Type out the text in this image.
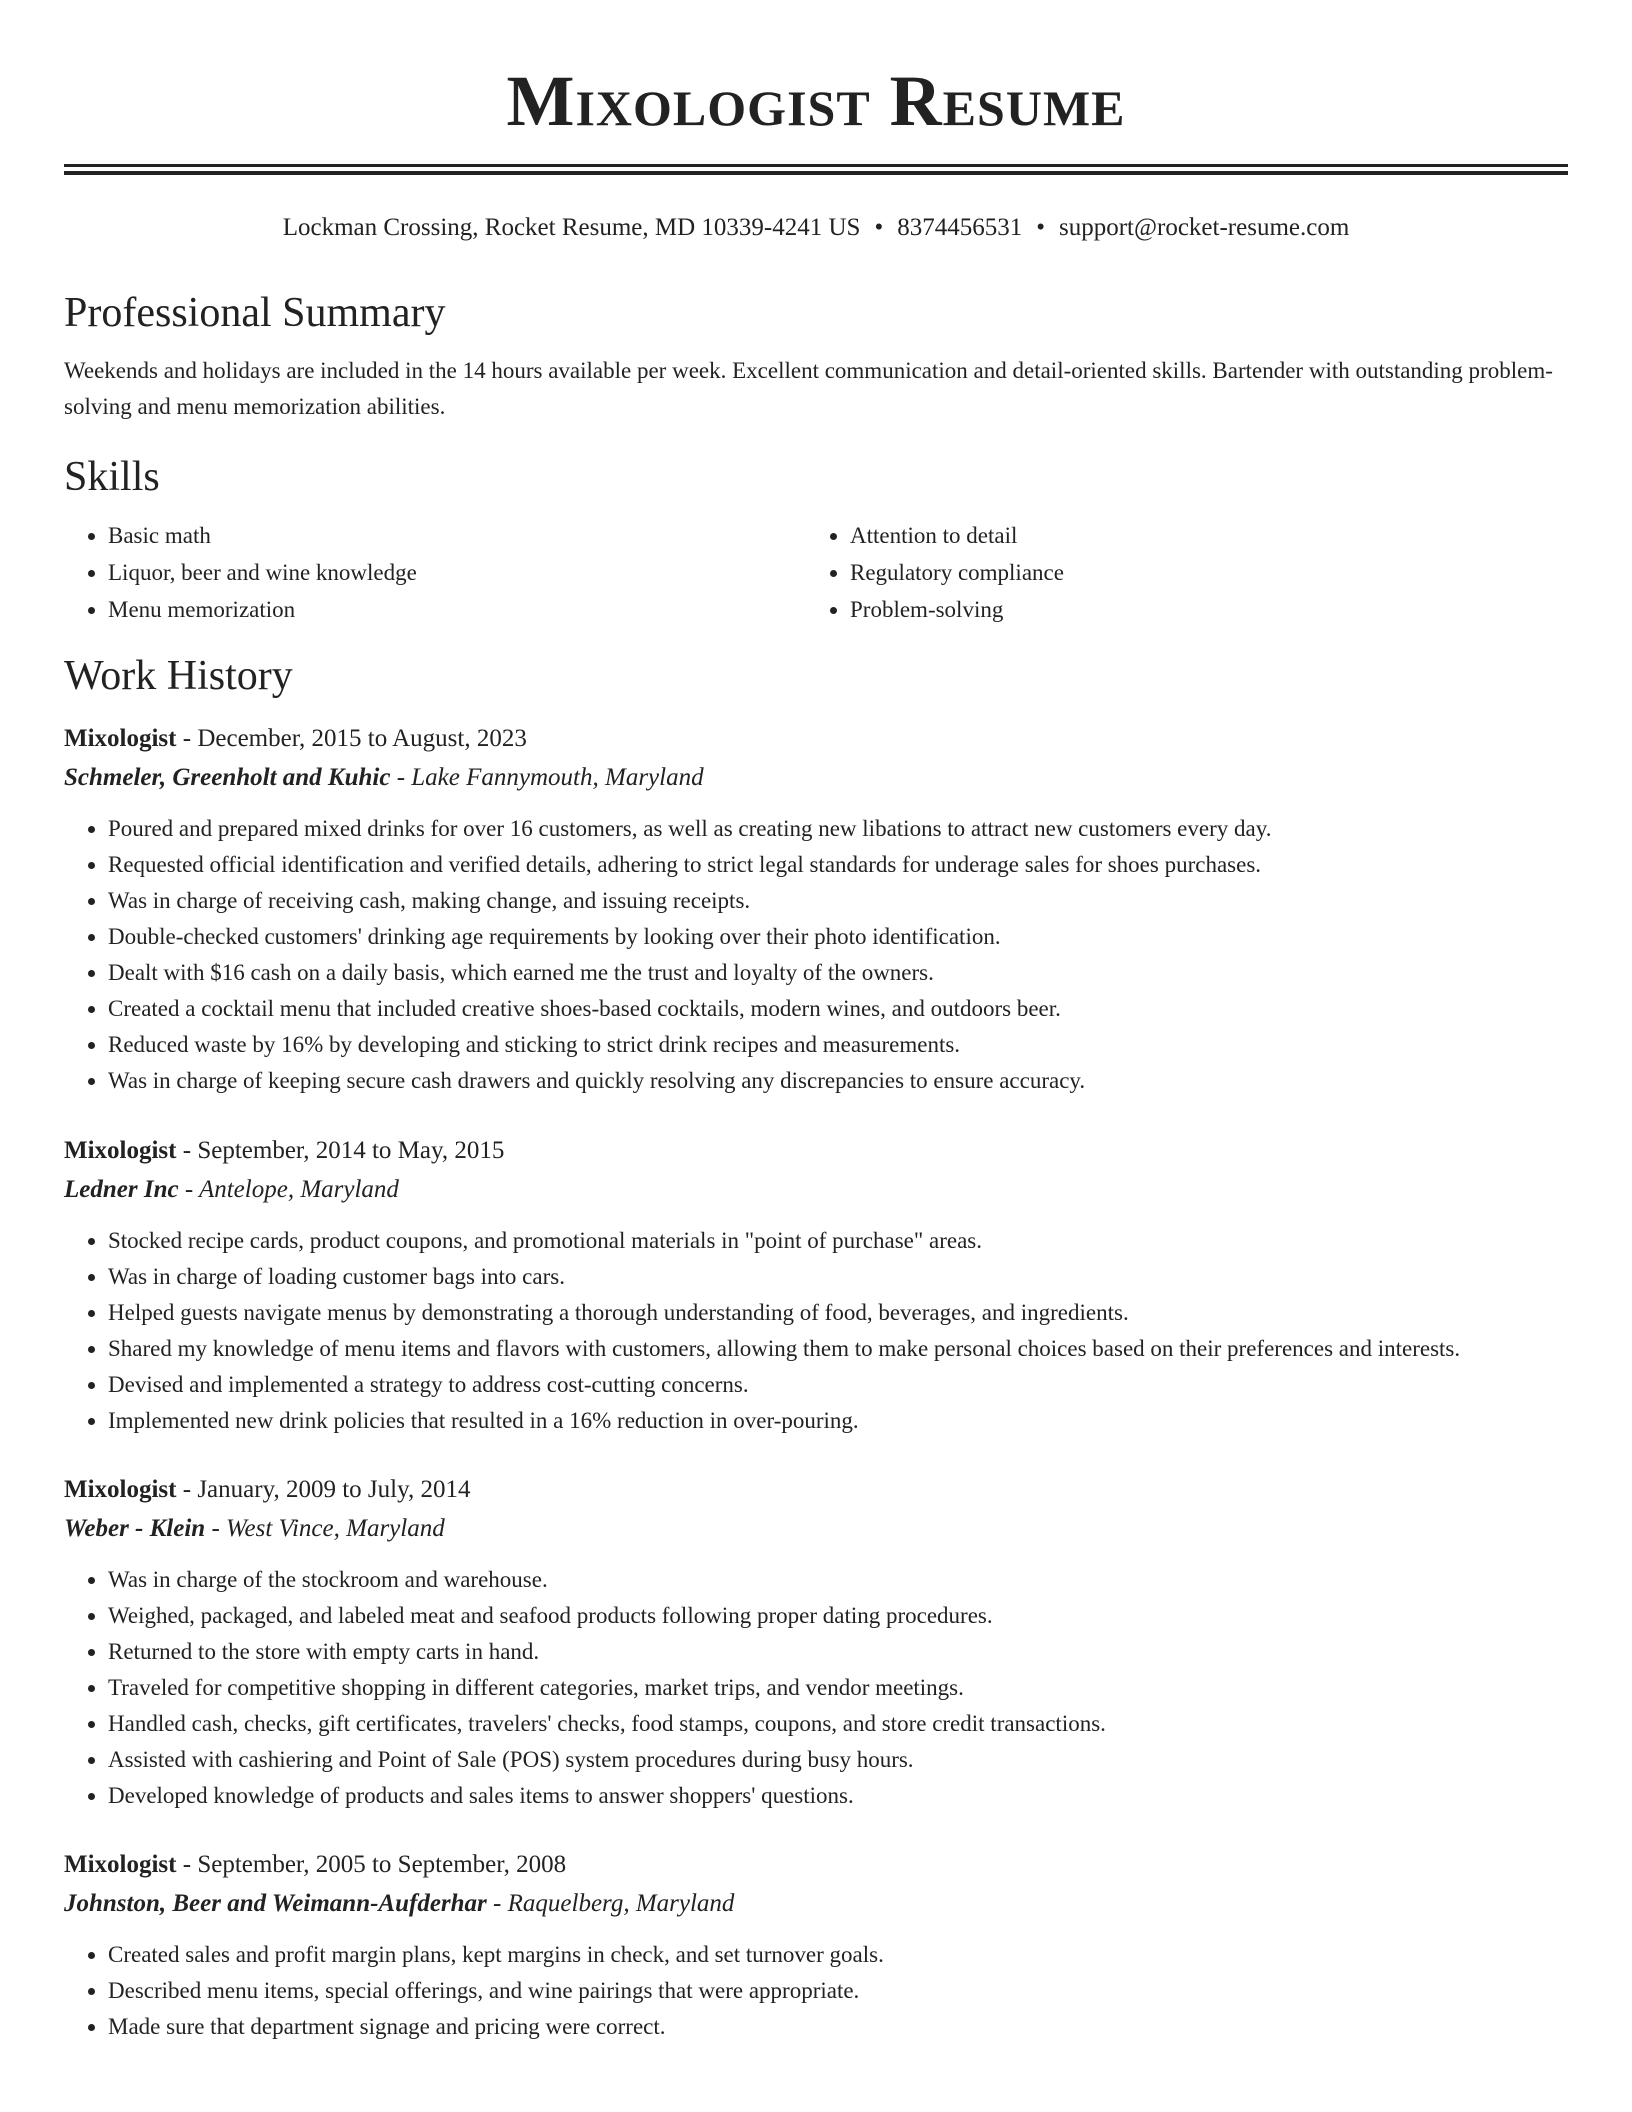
Mixologist Resume
Lockman Crossing, Rocket Resume, MD 10339-4241 US • 8374456531 • support@rocket-resume.com
Professional Summary

Weekends and holidays are included in the 14 hours available per week. Excellent communication and detail-oriented skills. Bartender with outstanding problem-solving and menu memorization abilities.

Skills
• Basic math
• Liquor, beer and wine knowledge
• Menu memorization
• Attention to detail
• Regulatory compliance
• Problem-solving
Work History
Mixologist - December, 2015 to August, 2023
Schmeler, Greenholt and Kuhic - Lake Fannymouth, Maryland
• Poured and prepared mixed drinks for over 16 customers, as well as creating new libations to attract new customers every day.
• Requested official identification and verified details, adhering to strict legal standards for underage sales for shoes purchases.
• Was in charge of receiving cash, making change, and issuing receipts.
• Double-checked customers' drinking age requirements by looking over their photo identification.
• Dealt with $16 cash on a daily basis, which earned me the trust and loyalty of the owners.
• Created a cocktail menu that included creative shoes-based cocktails, modern wines, and outdoors beer.
• Reduced waste by 16% by developing and sticking to strict drink recipes and measurements.
• Was in charge of keeping secure cash drawers and quickly resolving any discrepancies to ensure accuracy.
Mixologist - September, 2014 to May, 2015
Ledner Inc - Antelope, Maryland
• Stocked recipe cards, product coupons, and promotional materials in "point of purchase" areas.
• Was in charge of loading customer bags into cars.
• Helped guests navigate menus by demonstrating a thorough understanding of food, beverages, and ingredients.
• Shared my knowledge of menu items and flavors with customers, allowing them to make personal choices based on their preferences and interests.
• Devised and implemented a strategy to address cost-cutting concerns.
• Implemented new drink policies that resulted in a 16% reduction in over-pouring.
Mixologist - January, 2009 to July, 2014
Weber - Klein - West Vince, Maryland
• Was in charge of the stockroom and warehouse.
• Weighed, packaged, and labeled meat and seafood products following proper dating procedures.
• Returned to the store with empty carts in hand.
• Traveled for competitive shopping in different categories, market trips, and vendor meetings.
• Handled cash, checks, gift certificates, travelers' checks, food stamps, coupons, and store credit transactions.
• Assisted with cashiering and Point of Sale (POS) system procedures during busy hours.
• Developed knowledge of products and sales items to answer shoppers' questions.
Mixologist - September, 2005 to September, 2008
Johnston, Beer and Weimann-Aufderhar - Raquelberg, Maryland
• Created sales and profit margin plans, kept margins in check, and set turnover goals.
• Described menu items, special offerings, and wine pairings that were appropriate.
• Made sure that department signage and pricing were correct.
